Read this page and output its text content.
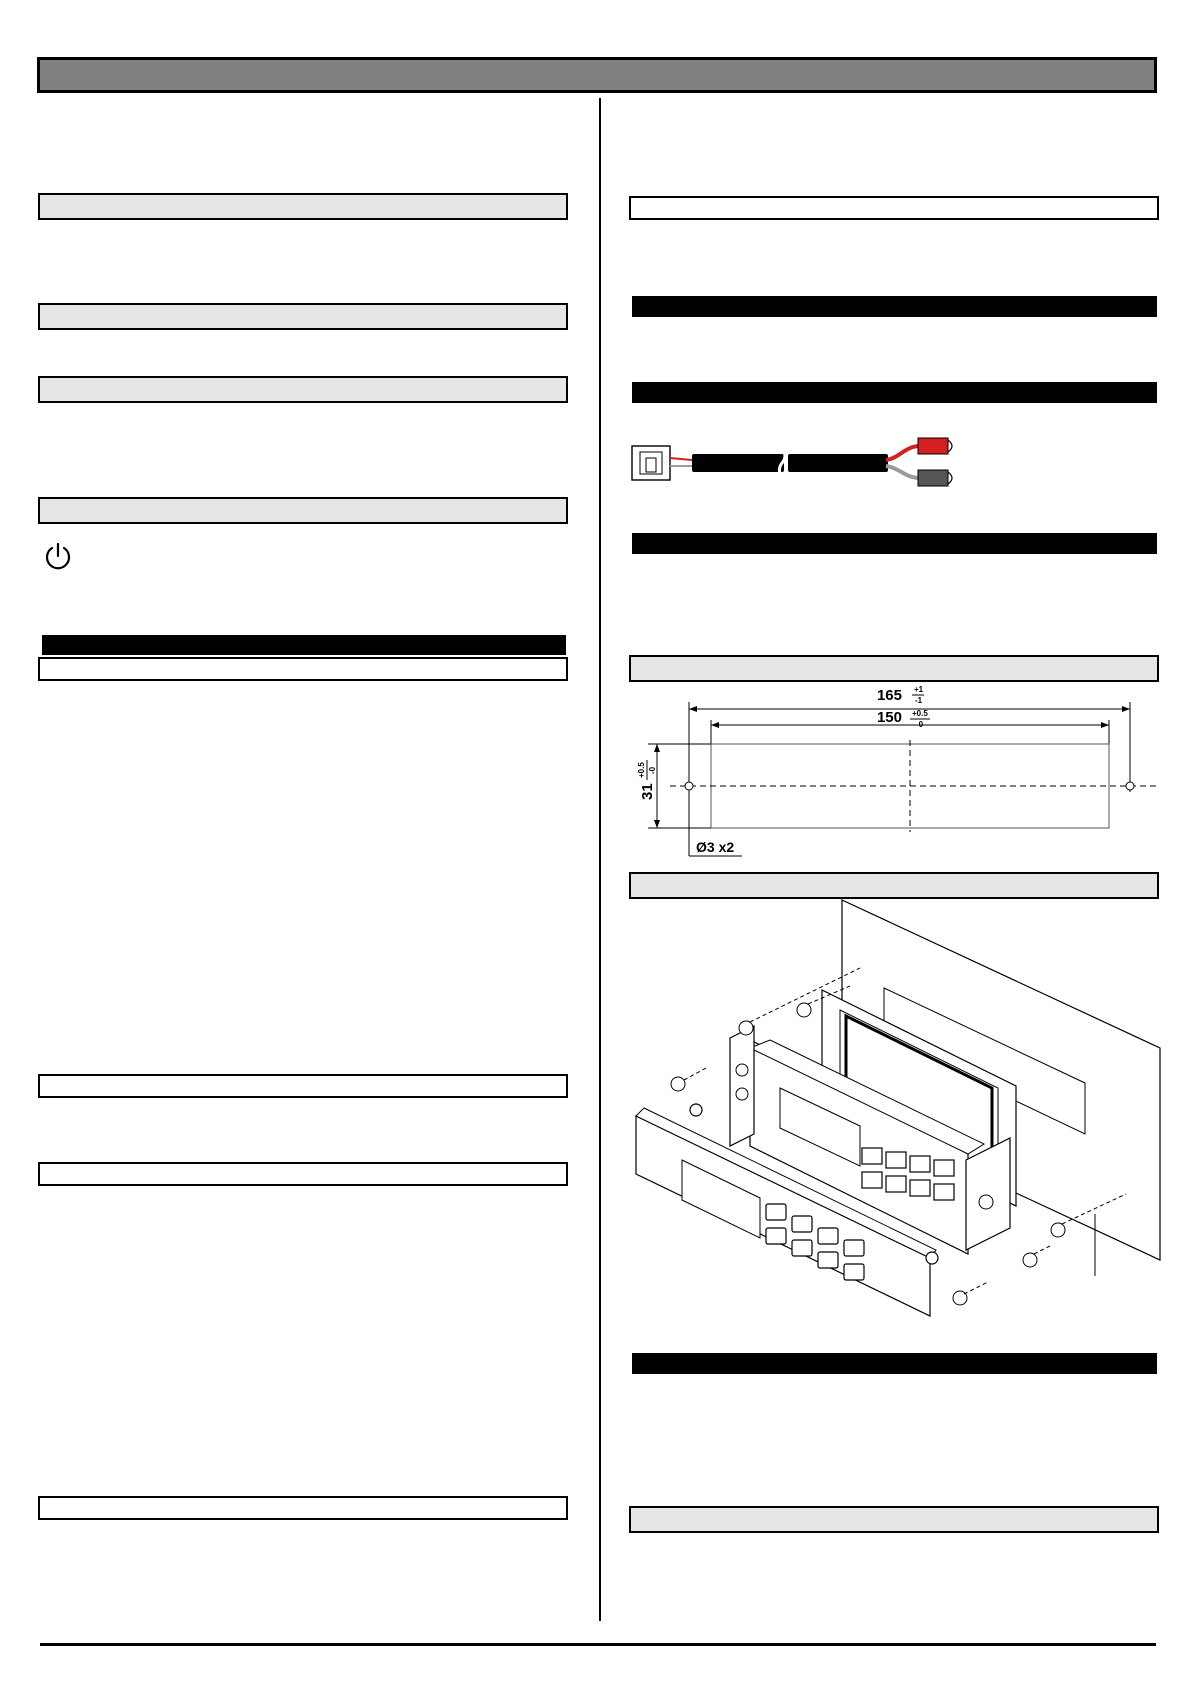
165 +1
-1
150 +0.5
-0
31
+0.5 -0
Ø3 x2
